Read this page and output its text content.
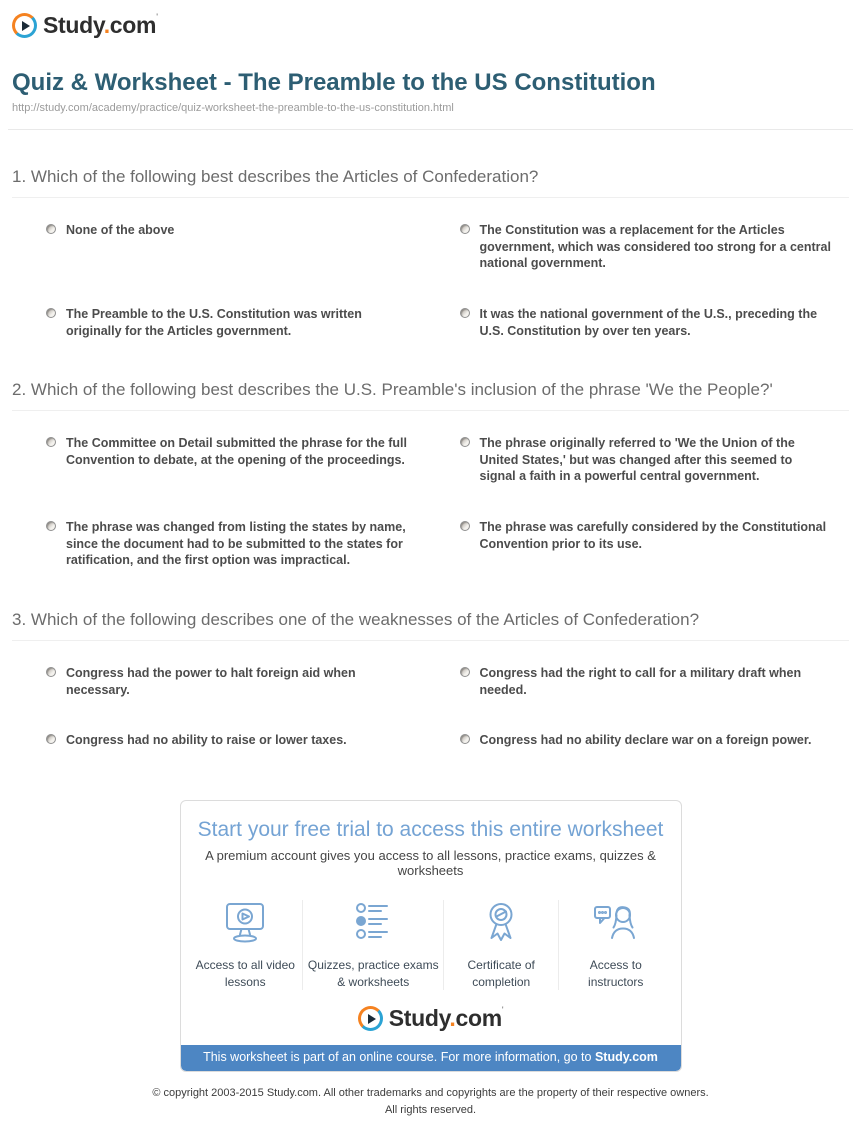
Study.com'
Quiz & Worksheet - The Preamble to the US Constitution
http://study.com/academy/practice/quiz-worksheet-the-preamble-to-the-us-constitution.html
1. Which of the following best describes the Articles of Confederation?
None of the above	The Constitution was a replacement for the Articles government, which was considered too strong for a central national government.
The Preamble to the U.S. Constitution was written originally for the Articles government.
It was the national government of the U.S., preceding the U.S. Constitution by over ten years.
2. Which of the following best describes the U.S. Preamble's inclusion of the phrase 'We the People?'
The Committee on Detail submitted the phrase for the full Convention to debate, at the opening of the proceedings.
The phrase originally referred to 'We the Union of the United States,' but was changed after this seemed to signal a faith in a powerful central government.
The phrase was changed from listing the states by name, since the document had to be submitted to the states for ratification, and the first option was impractical.
The phrase was carefully considered by the Constitutional Convention prior to its use.
3. Which of the following describes one of the weaknesses of the Articles of Confederation?
Congress had the power to halt foreign aid when necessary.
Congress had the right to call for a military draft when needed.
Congress had no ability to raise or lower taxes.	Congress had no ability declare war on a foreign power.
Start your free trial to access this entire worksheet
A premium account gives you access to all lessons, practice exams, quizzes & worksheets
Access to all video lessons
Quizzes, practice exams & worksheets
Certificate of completion
Access to instructors
Study.com'
This worksheet is part of an online course. For more information, go to Study.com
© copyright 2003-2015 Study.com. All other trademarks and copyrights are the property of their respective owners.
All rights reserved.
